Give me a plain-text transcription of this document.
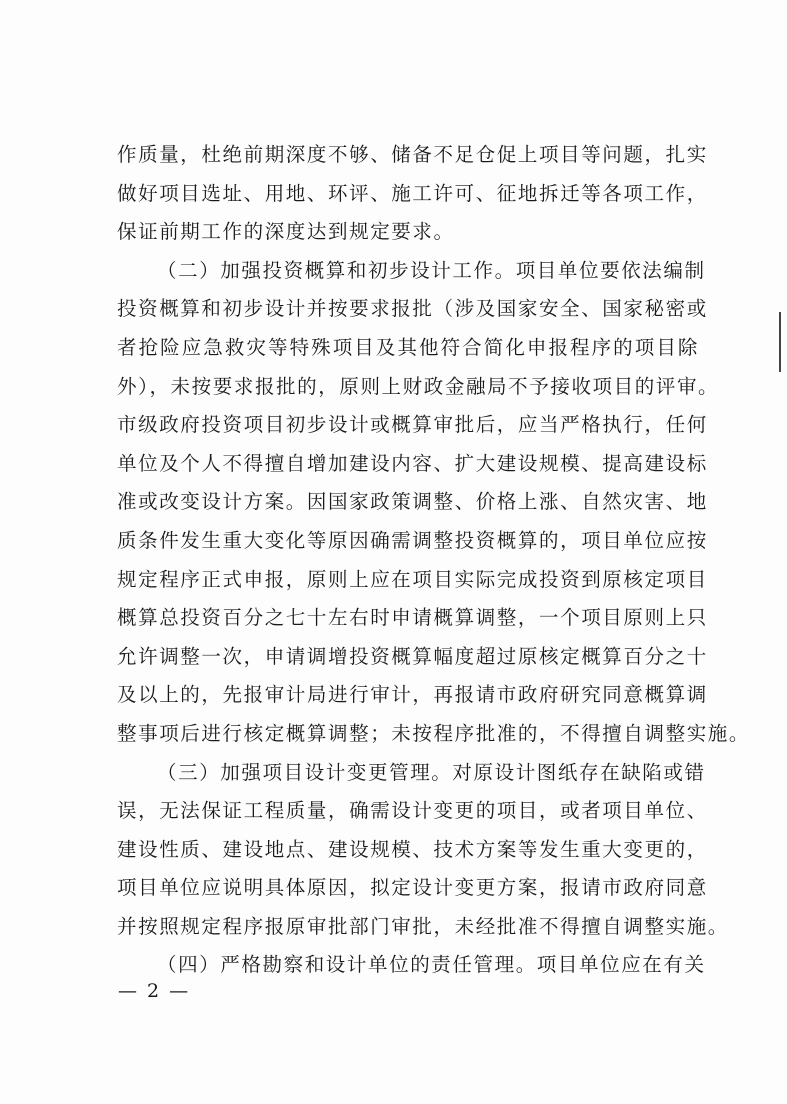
作质量，杜绝前期深度不够、储备不足仓促上项目等问题，扎实
做好项目选址、用地、环评、施工许可、征地拆迁等各项工作，
保证前期工作的深度达到规定要求。
（二）加强投资概算和初步设计工作。项目单位要依法编制
投资概算和初步设计并按要求报批（涉及国家安全、国家秘密或
者抢险应急救灾等特殊项目及其他符合简化申报程序的项目除
外），未按要求报批的，原则上财政金融局不予接收项目的评审。
市级政府投资项目初步设计或概算审批后，应当严格执行，任何
单位及个人不得擅自增加建设内容、扩大建设规模、提高建设标
准或改变设计方案。因国家政策调整、价格上涨、自然灾害、地
质条件发生重大变化等原因确需调整投资概算的，项目单位应按
规定程序正式申报，原则上应在项目实际完成投资到原核定项目
概算总投资百分之七十左右时申请概算调整，一个项目原则上只
允许调整一次，申请调增投资概算幅度超过原核定概算百分之十
及以上的，先报审计局进行审计，再报请市政府研究同意概算调
整事项后进行核定概算调整；未按程序批准的，不得擅自调整实施。
（三）加强项目设计变更管理。对原设计图纸存在缺陷或错
误，无法保证工程质量，确需设计变更的项目，或者项目单位、
建设性质、建设地点、建设规模、技术方案等发生重大变更的，
项目单位应说明具体原因，拟定设计变更方案，报请市政府同意
并按照规定程序报原审批部门审批，未经批准不得擅自调整实施。
（四）严格勘察和设计单位的责任管理。项目单位应在有关
— 2 —
